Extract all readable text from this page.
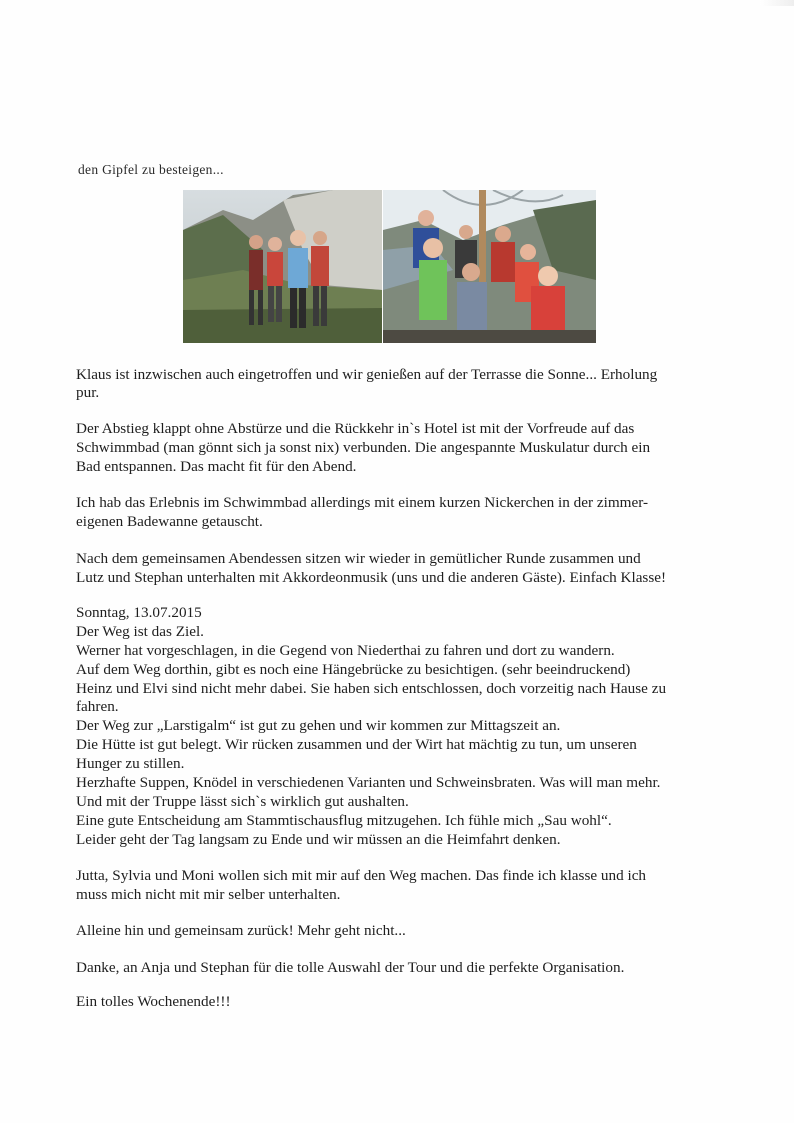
den Gipfel zu besteigen...
Klaus ist inzwischen auch eingetroffen und wir genießen auf der Terrasse die Sonne... Erholung
pur.
Der Abstieg klappt ohne Abstürze und die Rückkehr in`s Hotel ist mit der Vorfreude auf das
Schwimmbad (man gönnt sich ja sonst nix) verbunden. Die angespannte Muskulatur durch ein
Bad entspannen. Das macht fit für den Abend.
Ich hab das Erlebnis im Schwimmbad allerdings mit einem kurzen Nickerchen in der zimmer-
eigenen Badewanne getauscht.
Nach dem gemeinsamen Abendessen sitzen wir wieder in gemütlicher Runde zusammen und
Lutz und Stephan unterhalten mit Akkordeonmusik (uns und die anderen Gäste). Einfach Klasse!
Sonntag, 13.07.2015
Der Weg ist das Ziel.
Werner hat vorgeschlagen, in die Gegend von Niederthai zu fahren und dort zu wandern.
Auf dem Weg dorthin, gibt es noch eine Hängebrücke zu besichtigen. (sehr beeindruckend)
Heinz und Elvi sind nicht mehr dabei. Sie haben sich entschlossen, doch vorzeitig nach Hause zu
fahren.
Der Weg zur „Larstigalm“ ist gut zu gehen und wir kommen zur Mittagszeit an.
Die Hütte ist gut belegt. Wir rücken zusammen und der Wirt hat mächtig zu tun, um unseren
Hunger zu stillen.
Herzhafte Suppen, Knödel in verschiedenen Varianten und Schweinsbraten. Was will man mehr.
Und mit der Truppe lässt sich`s wirklich gut aushalten.
Eine gute Entscheidung am Stammtischausflug mitzugehen. Ich fühle mich „Sau wohl“.
Leider geht der Tag langsam zu Ende und wir müssen an die Heimfahrt denken.
Jutta, Sylvia und Moni wollen sich mit mir auf den Weg machen. Das finde ich klasse und ich
muss mich nicht mit mir selber unterhalten.
Alleine hin und gemeinsam zurück! Mehr geht nicht...
Danke, an Anja und Stephan für die tolle Auswahl der Tour und die perfekte Organisation.
Ein tolles Wochenende!!!
